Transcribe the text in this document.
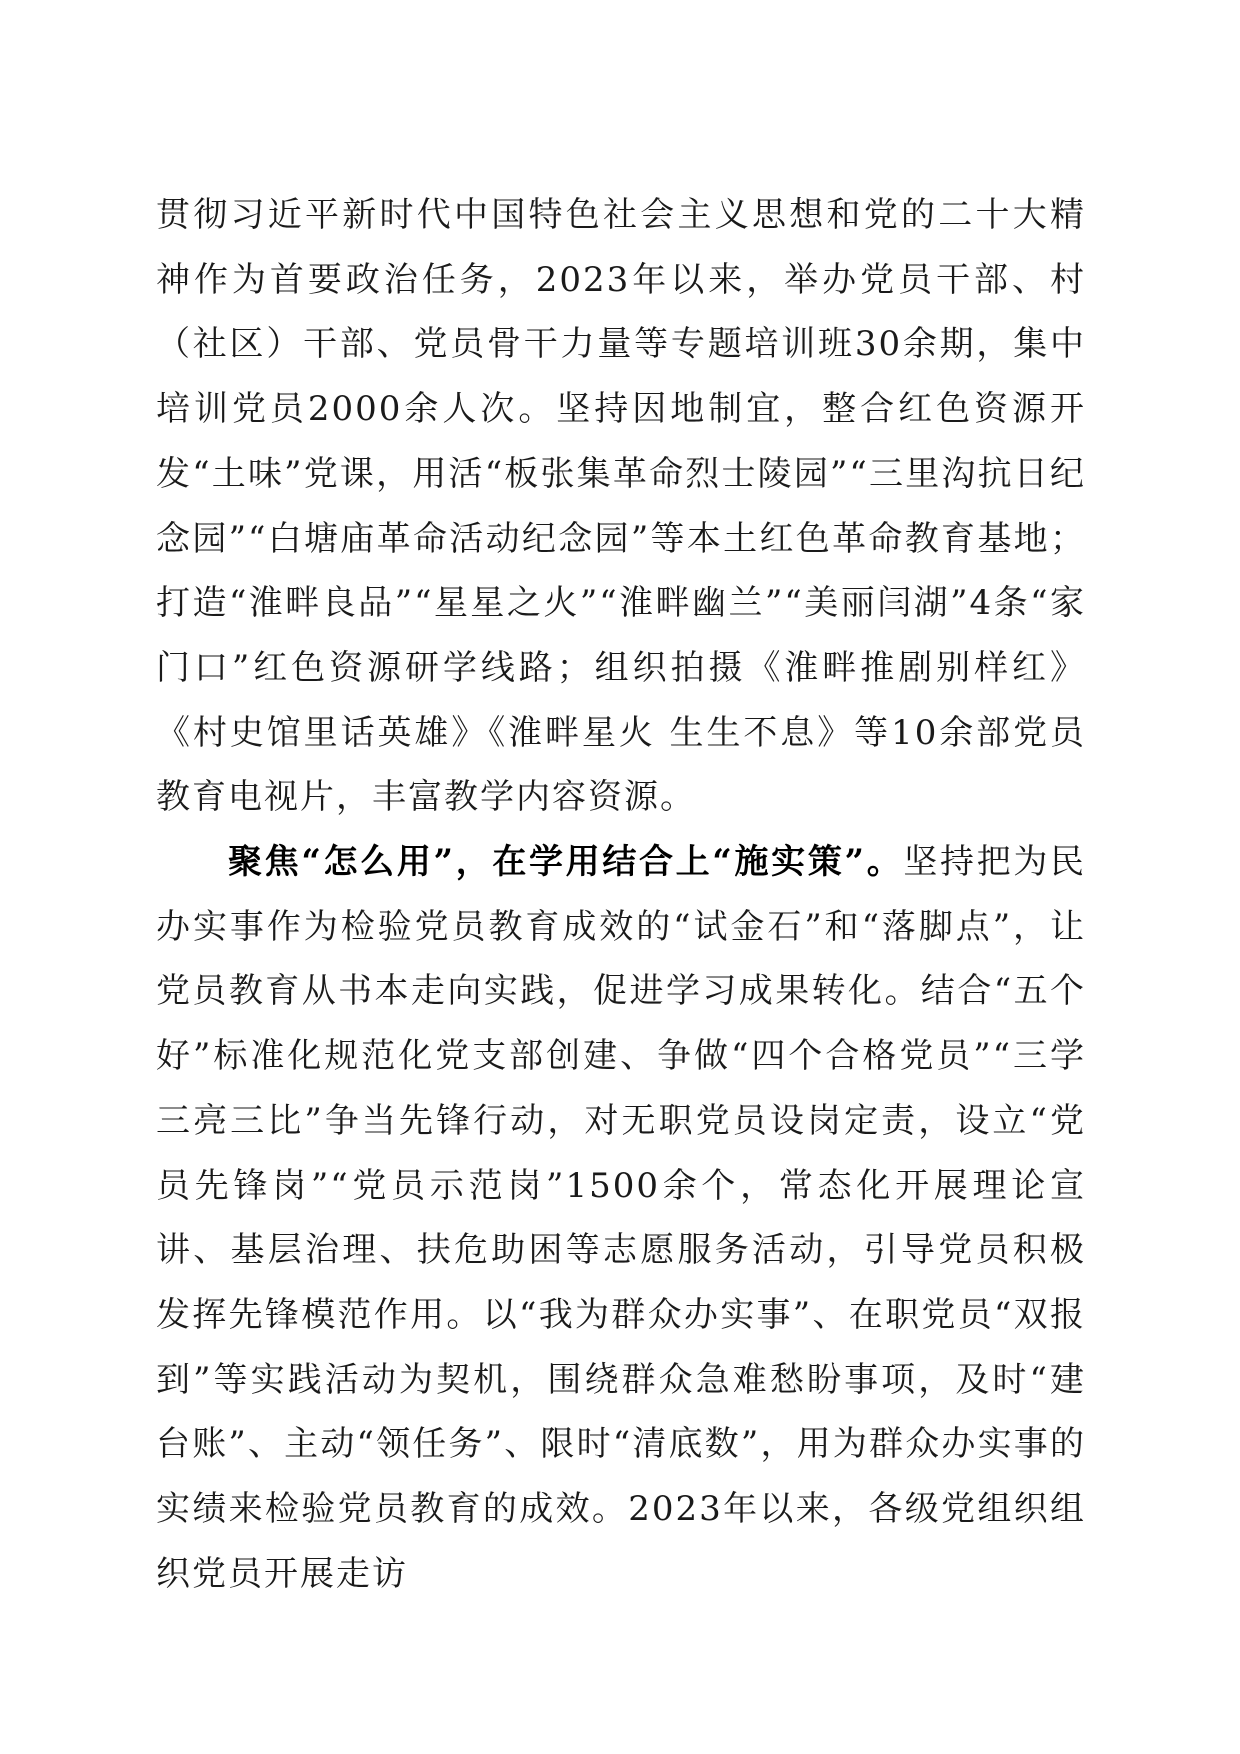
贯彻习近平新时代中国特色社会主义思想和党的二十大精神作为首要政治任务，2023年以来，举办党员干部、村（社区）干部、党员骨干力量等专题培训班30余期，集中培训党员2000余人次。坚持因地制宜，整合红色资源开发“土味”党课，用活“板张集革命烈士陵园”“三里沟抗日纪念园”“白塘庙革命活动纪念园”等本土红色革命教育基地；打造“淮畔良品”“星星之火”“淮畔幽兰”“美丽闫湖”4条“家门口”红色资源研学线路；组织拍摄《淮畔推剧别样红》《村史馆里话英雄》《淮畔星火 生生不息》等10余部党员教育电视片，丰富教学内容资源。

聚焦“怎么用”，在学用结合上“施实策”。坚持把为民办实事作为检验党员教育成效的“试金石”和“落脚点”，让党员教育从书本走向实践，促进学习成果转化。结合“五个好”标准化规范化党支部创建、争做“四个合格党员”“三学三亮三比”争当先锋行动，对无职党员设岗定责，设立“党员先锋岗”“党员示范岗”1500余个，常态化开展理论宣讲、基层治理、扶危助困等志愿服务活动，引导党员积极发挥先锋模范作用。以“我为群众办实事”、在职党员“双报到”等实践活动为契机，围绕群众急难愁盼事项，及时“建台账”、主动“领任务”、限时“清底数”，用为群众办实事的实绩来检验党员教育的成效。2023年以来，各级党组织组织党员开展走访
